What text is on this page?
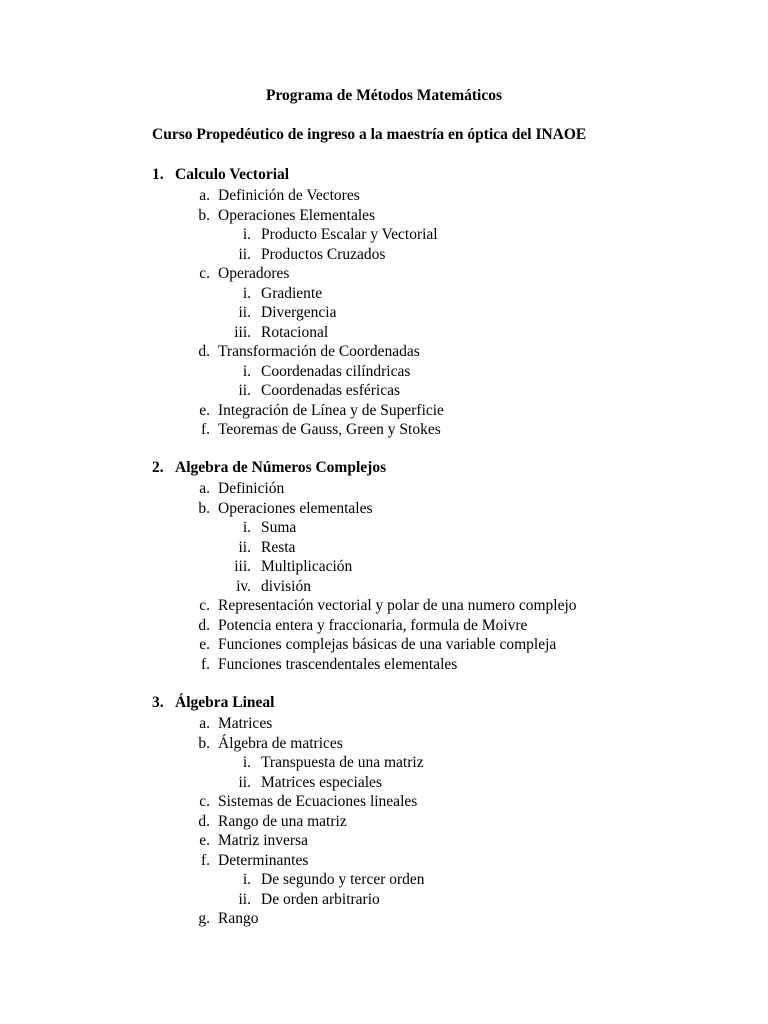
Programa de Métodos Matemáticos
Curso Propedéutico de ingreso a la maestría en óptica del INAOE
1. Calculo Vectorial
a. Definición de Vectores
b. Operaciones Elementales
i. Producto Escalar y Vectorial
ii. Productos Cruzados
c. Operadores
i. Gradiente
ii. Divergencia
iii. Rotacional
d. Transformación de Coordenadas
i. Coordenadas cilíndricas
ii. Coordenadas esféricas
e. Integración de Línea y de Superficie
f. Teoremas de Gauss, Green y Stokes
2. Algebra de Números Complejos
a. Definición
b. Operaciones elementales
i. Suma
ii. Resta
iii. Multiplicación
iv. división
c. Representación vectorial y polar de una numero complejo
d. Potencia entera y fraccionaria, formula de Moivre
e. Funciones complejas básicas de una variable compleja
f. Funciones trascendentales elementales
3. Álgebra Lineal
a. Matrices
b. Álgebra de matrices
i. Transpuesta de una matriz
ii. Matrices especiales
c. Sistemas de Ecuaciones lineales
d. Rango de una matriz
e. Matriz inversa
f. Determinantes
i. De segundo y tercer orden
ii. De orden arbitrario
g. Rango
